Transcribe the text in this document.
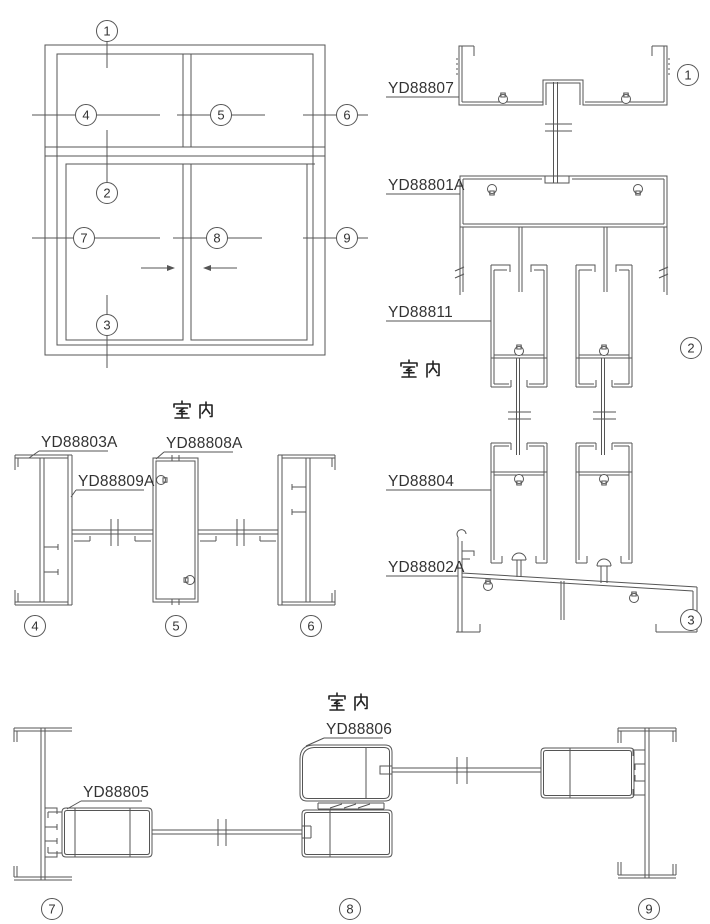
1
2
3
4	5	6
7	8	9
YD88807
YD88801A
YD88811
YD88804
YD88802A
1
2
3
YD88803A	YD88808A
YD88809A
4	5	6
YD88805
YD88806
7	8	9
